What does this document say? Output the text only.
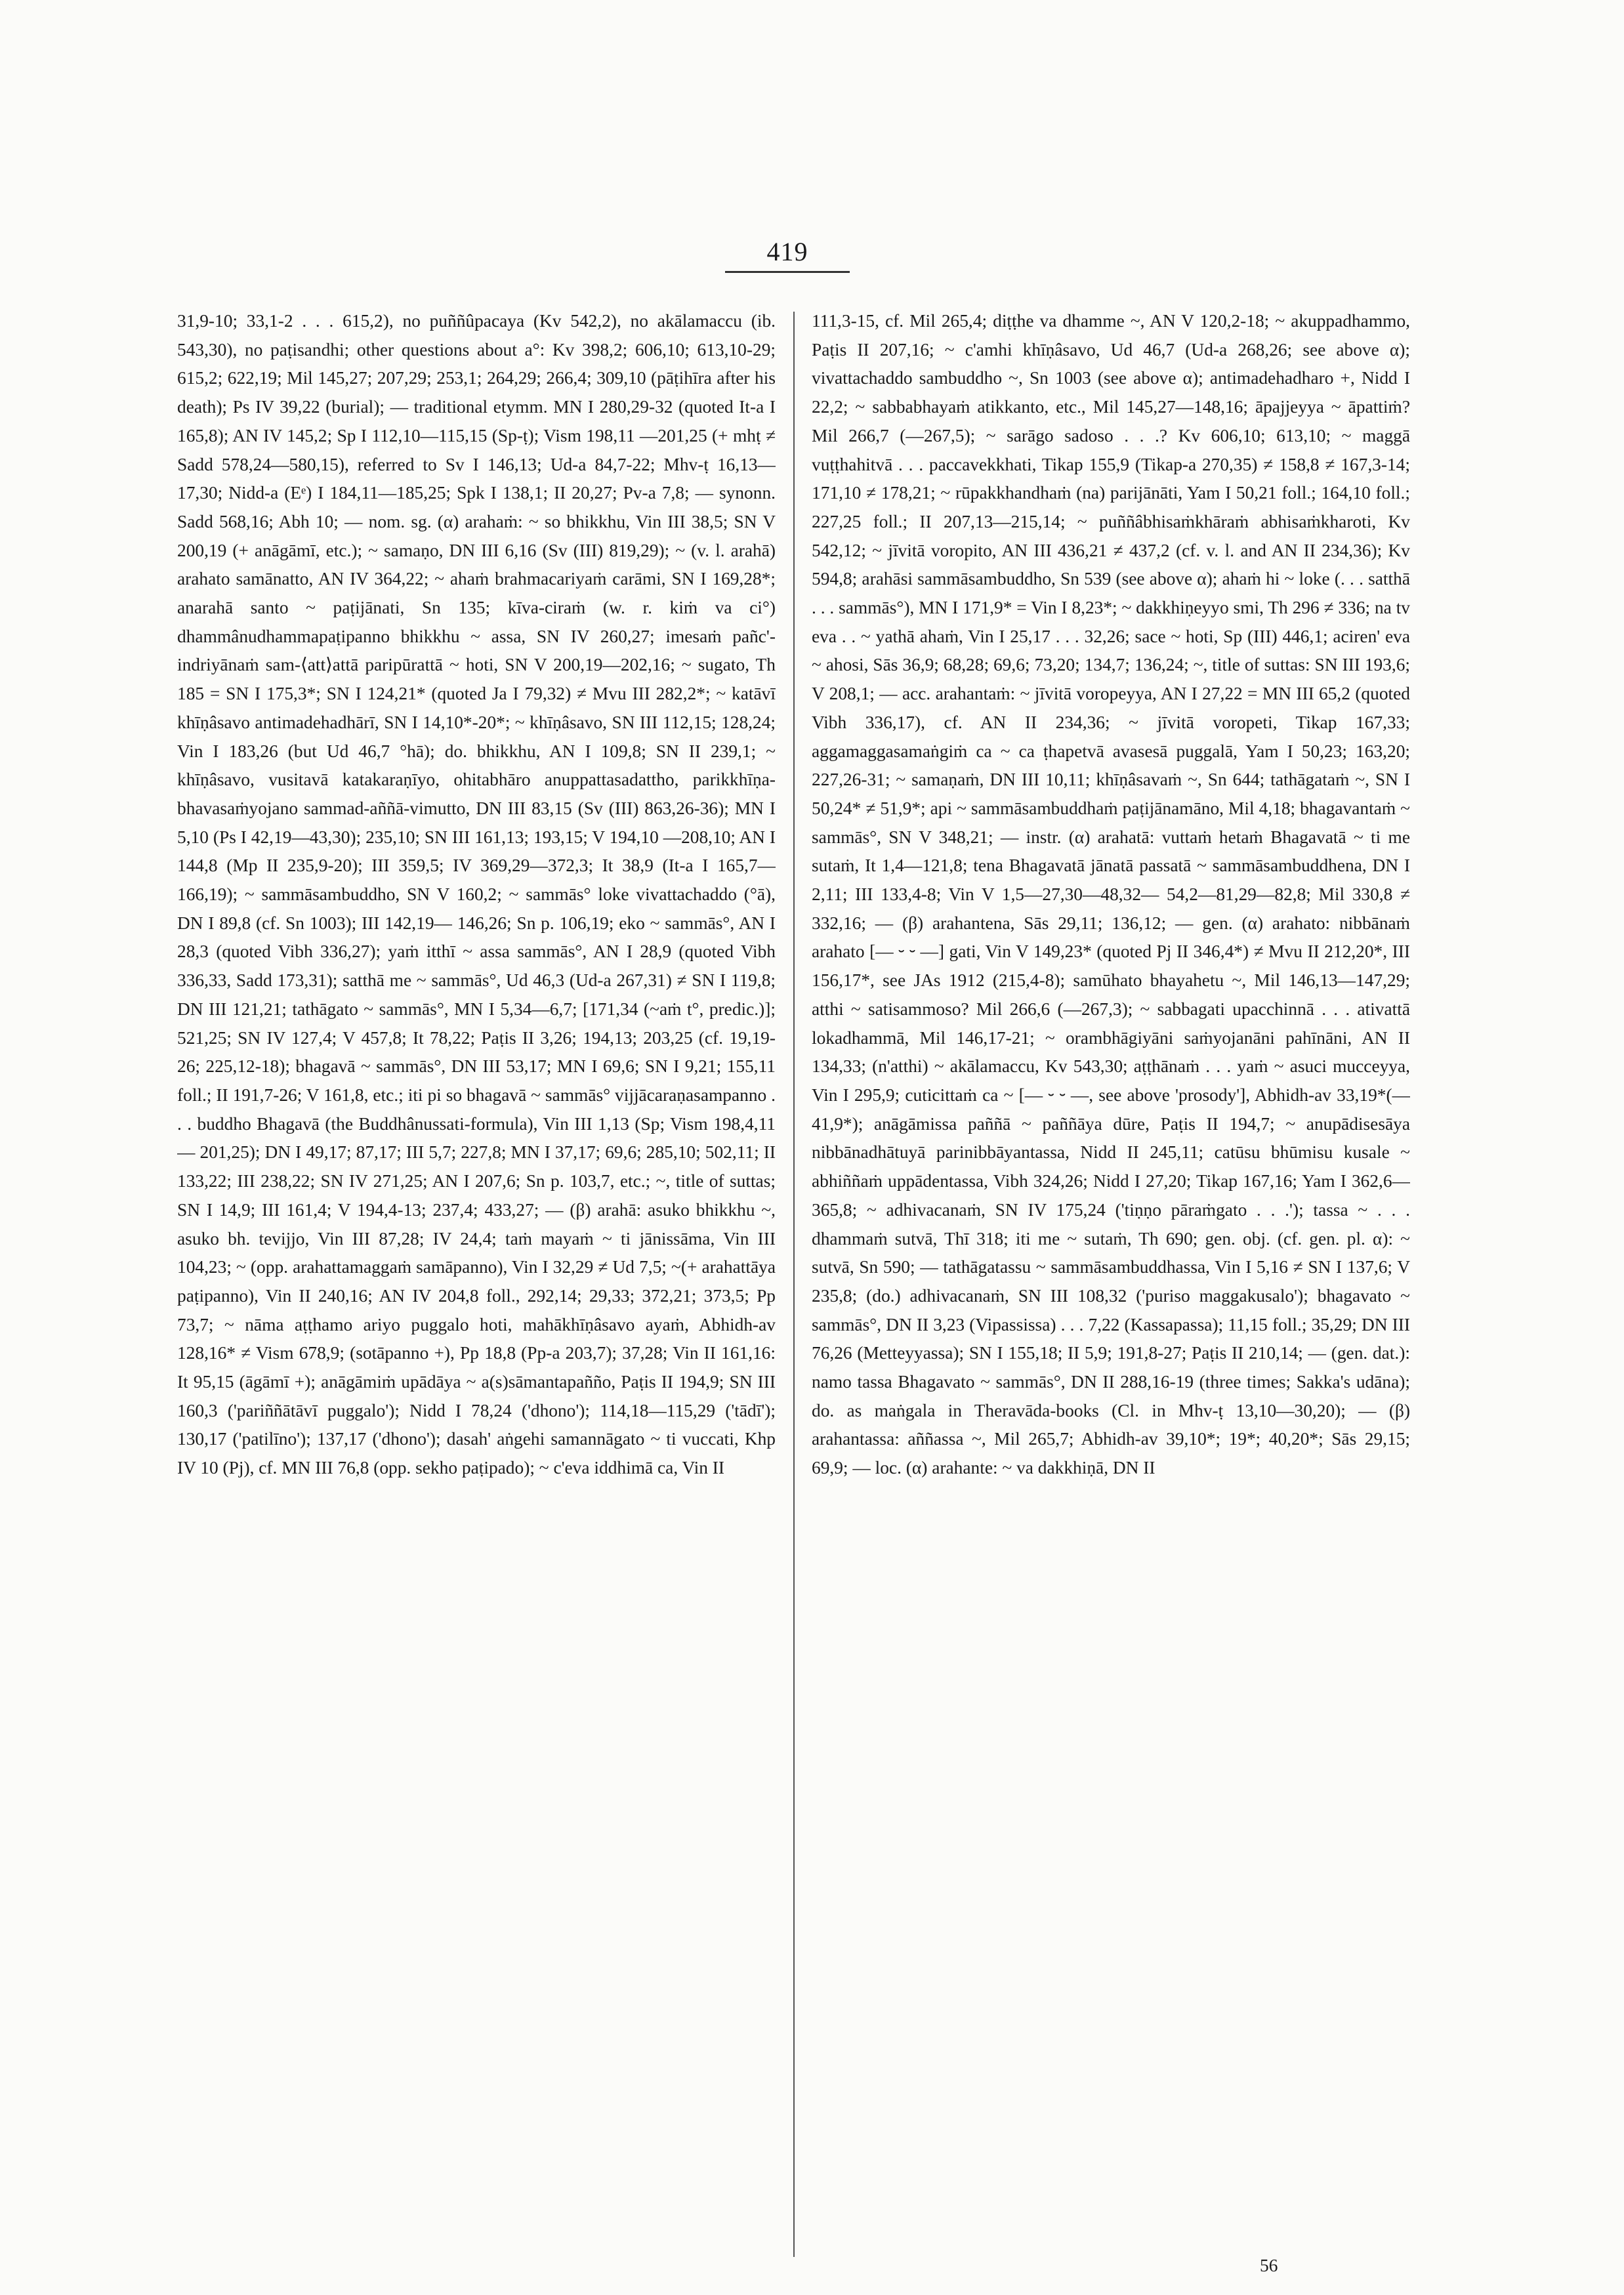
419

31,9-10; 33,1-2 . . . 615,2), no puññûpacaya (Kv 542,2), no akālamaccu (ib. 543,30), no paṭisandhi; other questions about a°: Kv 398,2; 606,10; 613,10-29; 615,2; 622,19; Mil 145,27; 207,29; 253,1; 264,29; 266,4; 309,10 (pāṭihīra after his death); Ps IV 39,22 (burial); — traditional etymm. MN I 280,29-32 (quoted It-a I 165,8); AN IV 145,2; Sp I 112,10—115,15 (Sp-ṭ); Vism 198,11 —201,25 (+ mhṭ ≠ Sadd 578,24—580,15), referred to Sv I 146,13; Ud-a 84,7-22; Mhv-ṭ 16,13—17,30; Nidd-a (Eᵉ) I 184,11—185,25; Spk I 138,1; II 20,27; Pv-a 7,8; — synonn. Sadd 568,16; Abh 10; — nom. sg. (α) arahaṁ: ~ so bhikkhu, Vin III 38,5; SN V 200,19 (+ anāgāmī, etc.); ~ samaṇo, DN III 6,16 (Sv (III) 819,29); ~ (v. l. arahā) arahato samānatto, AN IV 364,22; ~ ahaṁ brahmacariyaṁ carāmi, SN I 169,28*; anarahā santo ~ paṭijānati, Sn 135; kīva-ciraṁ (w. r. kiṁ va ci°) dhammânudhammapaṭipanno bhikkhu ~ assa, SN IV 260,27; imesaṁ pañc'-indriyānaṁ sam-⟨att⟩attā paripūrattā ~ hoti, SN V 200,19—202,16; ~ sugato, Th 185 = SN I 175,3*; SN I 124,21* (quoted Ja I 79,32) ≠ Mvu III 282,2*; ~ katāvī khīṇâsavo antimadehadhārī, SN I 14,10*-20*; ~ khīṇâsavo, SN III 112,15; 128,24; Vin I 183,26 (but Ud 46,7 °hā); do. bhikkhu, AN I 109,8; SN II 239,1; ~ khīṇâsavo, vusitavā katakaraṇīyo, ohitabhāro anuppattasadattho, parikkhīṇa-bhavasaṁyojano sammad-aññā-vimutto, DN III 83,15 (Sv (III) 863,26-36); MN I 5,10 (Ps I 42,19—43,30); 235,10; SN III 161,13; 193,15; V 194,10 —208,10; AN I 144,8 (Mp II 235,9-20); III 359,5; IV 369,29—372,3; It 38,9 (It-a I 165,7—166,19); ~ sammāsambuddho, SN V 160,2; ~ sammās° loke vivattachaddo (°ā), DN I 89,8 (cf. Sn 1003); III 142,19— 146,26; Sn p. 106,19; eko ~ sammās°, AN I 28,3 (quoted Vibh 336,27); yaṁ itthī ~ assa sammās°, AN I 28,9 (quoted Vibh 336,33, Sadd 173,31); satthā me ~ sammās°, Ud 46,3 (Ud-a 267,31) ≠ SN I 119,8; DN III 121,21; tathāgato ~ sammās°, MN I 5,34—6,7; [171,34 (~aṁ t°, predic.)]; 521,25; SN IV 127,4; V 457,8; It 78,22; Paṭis II 3,26; 194,13; 203,25 (cf. 19,19-26; 225,12-18); bhagavā ~ sammās°, DN III 53,17; MN I 69,6; SN I 9,21; 155,11 foll.; II 191,7-26; V 161,8, etc.; iti pi so bhagavā ~ sammās° vijjācaraṇasampanno . . . buddho Bhagavā (the Buddhânussati-formula), Vin III 1,13 (Sp; Vism 198,4,11— 201,25); DN I 49,17; 87,17; III 5,7; 227,8; MN I 37,17; 69,6; 285,10; 502,11; II 133,22; III 238,22; SN IV 271,25; AN I 207,6; Sn p. 103,7, etc.; ~, title of suttas; SN I 14,9; III 161,4; V 194,4-13; 237,4; 433,27; — (β) arahā: asuko bhikkhu ~, asuko bh. tevijjo, Vin III 87,28; IV 24,4; taṁ mayaṁ ~ ti jānissāma, Vin III 104,23; ~ (opp. arahattamaggaṁ samāpanno), Vin I 32,29 ≠ Ud 7,5; ~(+ arahattāya paṭipanno), Vin II 240,16; AN IV 204,8 foll., 292,14; 29,33; 372,21; 373,5; Pp 73,7; ~ nāma aṭṭhamo ariyo puggalo hoti, mahākhīṇâsavo ayaṁ, Abhidh-av 128,16* ≠ Vism 678,9; (sotāpanno +), Pp 18,8 (Pp-a 203,7); 37,28; Vin II 161,16: It 95,15 (āgāmī +); anāgāmiṁ upādāya ~ a(s)sāmantapañño, Paṭis II 194,9; SN III 160,3 ('pariññātāvī puggalo'); Nidd I 78,24 ('dhono'); 114,18—115,29 ('tādī'); 130,17 ('patilīno'); 137,17 ('dhono'); dasah' aṅgehi samannāgato ~ ti vuccati, Khp IV 10 (Pj), cf. MN III 76,8 (opp. sekho paṭipado); ~ c'eva iddhimā ca, Vin II

111,3-15, cf. Mil 265,4; diṭṭhe va dhamme ~, AN V 120,2-18; ~ akuppadhammo, Paṭis II 207,16; ~ c'amhi khīṇâsavo, Ud 46,7 (Ud-a 268,26; see above α); vivattachaddo sambuddho ~, Sn 1003 (see above α); antimadehadharo +, Nidd I 22,2; ~ sabbabhayaṁ atikkanto, etc., Mil 145,27—148,16; āpajjeyya ~ āpattiṁ? Mil 266,7 (—267,5); ~ sarāgo sadoso . . .? Kv 606,10; 613,10; ~ maggā vuṭṭhahitvā . . . paccavekkhati, Tikap 155,9 (Tikap-a 270,35) ≠ 158,8 ≠ 167,3-14; 171,10 ≠ 178,21; ~ rūpakkhandhaṁ (na) parijānāti, Yam I 50,21 foll.; 164,10 foll.; 227,25 foll.; II 207,13—215,14; ~ puññâbhisaṁkhāraṁ abhisaṁkharoti, Kv 542,12; ~ jīvitā voropito, AN III 436,21 ≠ 437,2 (cf. v. l. and AN II 234,36); Kv 594,8; arahāsi sammāsambuddho, Sn 539 (see above α); ahaṁ hi ~ loke (. . . satthā . . . sammās°), MN I 171,9* = Vin I 8,23*; ~ dakkhiṇeyyo smi, Th 296 ≠ 336; na tv eva . . ~ yathā ahaṁ, Vin I 25,17 . . . 32,26; sace ~ hoti, Sp (III) 446,1; aciren' eva ~ ahosi, Sās 36,9; 68,28; 69,6; 73,20; 134,7; 136,24; ~, title of suttas: SN III 193,6; V 208,1; — acc. arahantaṁ: ~ jīvitā voropeyya, AN I 27,22 = MN III 65,2 (quoted Vibh 336,17), cf. AN II 234,36; ~ jīvitā voropeti, Tikap 167,33; aggamaggasamaṅgiṁ ca ~ ca ṭhapetvā avasesā puggalā, Yam I 50,23; 163,20; 227,26-31; ~ samaṇaṁ, DN III 10,11; khīṇâsavaṁ ~, Sn 644; tathāgataṁ ~, SN I 50,24* ≠ 51,9*; api ~ sammāsambuddhaṁ paṭijānamāno, Mil 4,18; bhagavantaṁ ~ sammās°, SN V 348,21; — instr. (α) arahatā: vuttaṁ hetaṁ Bhagavatā ~ ti me sutaṁ, It 1,4—121,8; tena Bhagavatā jānatā passatā ~ sammāsambuddhena, DN I 2,11; III 133,4-8; Vin V 1,5—27,30—48,32— 54,2—81,29—82,8; Mil 330,8 ≠ 332,16; — (β) arahantena, Sās 29,11; 136,12; — gen. (α) arahato: nibbānaṁ arahato [— ⏑ ⏑ —] gati, Vin V 149,23* (quoted Pj II 346,4*) ≠ Mvu II 212,20*, III 156,17*, see JAs 1912 (215,4-8); samūhato bhayahetu ~, Mil 146,13—147,29; atthi ~ satisammoso? Mil 266,6 (—267,3); ~ sabbagati upacchinnā . . . ativattā lokadhammā, Mil 146,17-21; ~ orambhāgiyāni saṁyojanāni pahīnāni, AN II 134,33; (n'atthi) ~ akālamaccu, Kv 543,30; aṭṭhānaṁ . . . yaṁ ~ asuci mucceyya, Vin I 295,9; cuticittaṁ ca ~ [— ⏑ ⏑ —, see above 'prosody'], Abhidh-av 33,19*(—41,9*); anāgāmissa paññā ~ paññāya dūre, Paṭis II 194,7; ~ anupādisesāya nibbānadhātuyā parinibbāyantassa, Nidd II 245,11; catūsu bhūmisu kusale ~ abhiññaṁ uppādentassa, Vibh 324,26; Nidd I 27,20; Tikap 167,16; Yam I 362,6—365,8; ~ adhivacanaṁ, SN IV 175,24 ('tiṇṇo pāraṁgato . . .'); tassa ~ . . . dhammaṁ sutvā, Thī 318; iti me ~ sutaṁ, Th 690; gen. obj. (cf. gen. pl. α): ~ sutvā, Sn 590; — tathāgatassu ~ sammāsambuddhassa, Vin I 5,16 ≠ SN I 137,6; V 235,8; (do.) adhivacanaṁ, SN III 108,32 ('puriso maggakusalo'); bhagavato ~ sammās°, DN II 3,23 (Vipassissa) . . . 7,22 (Kassapassa); 11,15 foll.; 35,29; DN III 76,26 (Metteyyassa); SN I 155,18; II 5,9; 191,8-27; Paṭis II 210,14; — (gen. dat.): namo tassa Bhagavato ~ sammās°, DN II 288,16-19 (three times; Sakka's udāna); do. as maṅgala in Theravāda-books (Cl. in Mhv-ṭ 13,10—30,20); — (β) arahantassa: aññassa ~, Mil 265,7; Abhidh-av 39,10*; 19*; 40,20*; Sās 29,15; 69,9; — loc. (α) arahante: ~ va dakkhiṇā, DN II

56
